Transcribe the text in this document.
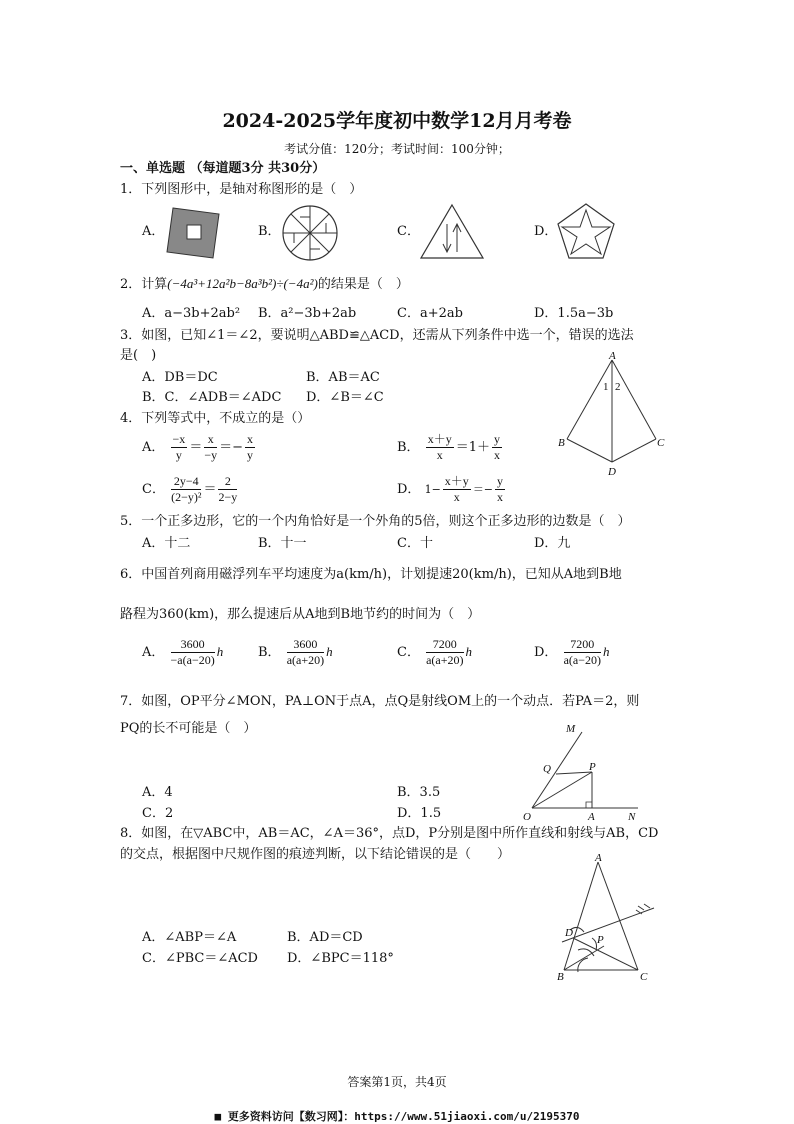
2024-2025学年度初中数学12月月考卷
考试分值：120分；考试时间：100分钟；
一、单选题 （每道题3分 共30分）
1．下列图形中，是轴对称图形的是（　）
A．	B．	C．	D．
2．计算(−4a³+12a²b−8a³b²)÷(−4a²)的结果是（　）
A．a−3b+2ab² B．a²−3b+2ab	C．a+2ab	D．1.5a−3b
3．如图，已知∠1＝∠2，要说明△ABD≌△ACD，还需从下列条件中选一个，错误的选法
是(　)
A．DB＝DC	B．AB＝AC
B．C．∠ADB＝∠ADC D．∠B＝∠C
A
1 2
B	C
D
4．下列等式中，不成立的是（）
A． $\frac{-x}{y} = \frac{x}{-y} =- \frac{x}{y}$	B． $\frac{x+y}{x} =1+ \frac{y}{x}$
C． $\frac{2y-4}{\text{(2−y)²}} = \frac{2}{2-y}$	D． $1- \frac{x+y}{x} =- \frac{y}{x}$
5．一个正多边形，它的一个内角恰好是一个外角的5倍，则这个正多边形的边数是（　）
A．十二	B．十一	C．十	D．九
6．中国首列商用磁浮列车平均速度为a(km/h)，计划提速20(km/h)，已知从A地到B地
路程为360(km)，那么提速后从A地到B地节约的时间为（　）
A． $\frac{3600}{-a(a-20)}$ h	B． $\frac{3600}{a(a+20)}$ h	C． $\frac{7200}{a(a+20)}$ h	D． $\frac{7200}{a(a-20)}$ h
7．如图，OP平分∠MON，PA⊥ON于点A，点Q是射线OM上的一个动点．若PA＝2，则
PQ的长不可能是（　）
A．4	B．3.5
C．2	D．1.5
M
Q	P
O	A	N
8．如图，在▽ABC中，AB＝AC，∠A＝36°，点D，P分别是图中所作直线和射线与AB，CD
的交点，根据图中尺规作图的痕迹判断，以下结论错误的是（　　）
A．∠ABP＝∠A	B．AD＝CD
C．∠PBC＝∠ACD D．∠BPC＝118°
A
D
P
B	C
答案第1页，共4页
■ 更多资料访问【数习网】：https://www.51jiaoxi.com/u/2195370
